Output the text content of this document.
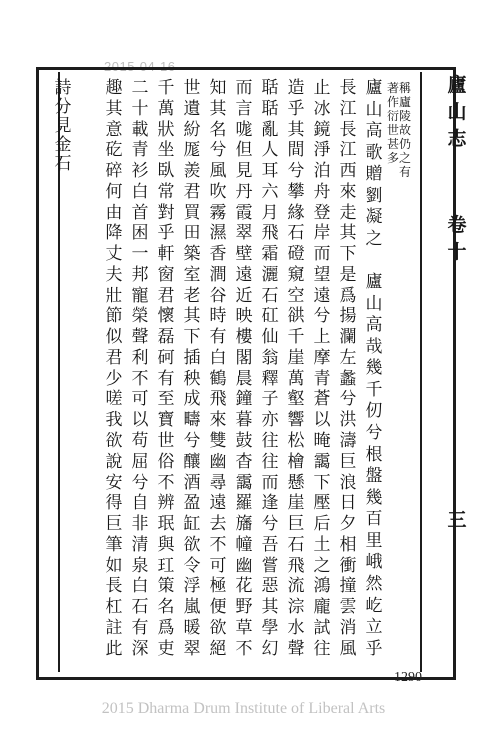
2015-04-16
稱
廬
陵
故
仍
之
有
著
作
衍
世
甚
多
廬
山
高
歌
贈
劉
凝
之
廬
山
高
哉
幾
千
仞
兮
根
盤
幾
百
里
峨
然
屹
立
乎
長
江
長
江
西
來
走
其
下
是
爲
揚
瀾
左
蠡
兮
洪
濤
巨
浪
日
夕
相
衝
撞
雲
消
風
止
冰
鏡
淨
泊
舟
登
岸
而
望
遠
兮
上
摩
青
蒼
以
晻
靄
下
壓
后
土
之
鴻
龐
試
往
造
乎
其
間
兮
攀
緣
石
磴
窺
空
谼
千
崖
萬
壑
響
松
檜
懸
崖
巨
石
飛
流
淙
水
聲
聒
聒
亂
人
耳
六
月
飛
霜
灑
石
矼
仙
翁
釋
子
亦
往
往
而
逢
兮
吾
嘗
惡
其
學
幻
而
言
哤
但
見
丹
霞
翠
壁
遠
近
映
樓
閣
晨
鐘
暮
鼓
杳
靄
羅
旛
幢
幽
花
野
草
不
知
其
名
兮
風
吹
霧
濕
香
澗
谷
時
有
白
鶴
飛
來
雙
幽
尋
遠
去
不
可
極
便
欲
絕
世
遺
紛
厖
羨
君
買
田
築
室
老
其
下
插
秧
成
疇
兮
釀
酒
盈
缸
欲
令
浮
嵐
暖
翠
千
萬
狀
坐
臥
常
對
乎
軒
窗
君
懷
磊
砢
有
至
寶
世
俗
不
辨
珉
與
玒
策
名
爲
吏
二
十
載
青
衫
白
首
困
一
邦
寵
榮
聲
利
不
可
以
苟
屈
兮
自
非
清
泉
白
石
有
深
趣
其
意
矻
碎
何
由
降
丈
夫
壯
節
似
君
少
嗟
我
欲
說
安
得
巨
筆
如
長
杠
註
此
詩
分
見
金
石
廬
山
志
卷
十
三
1290
2015 Dharma Drum Institute of Liberal Arts
